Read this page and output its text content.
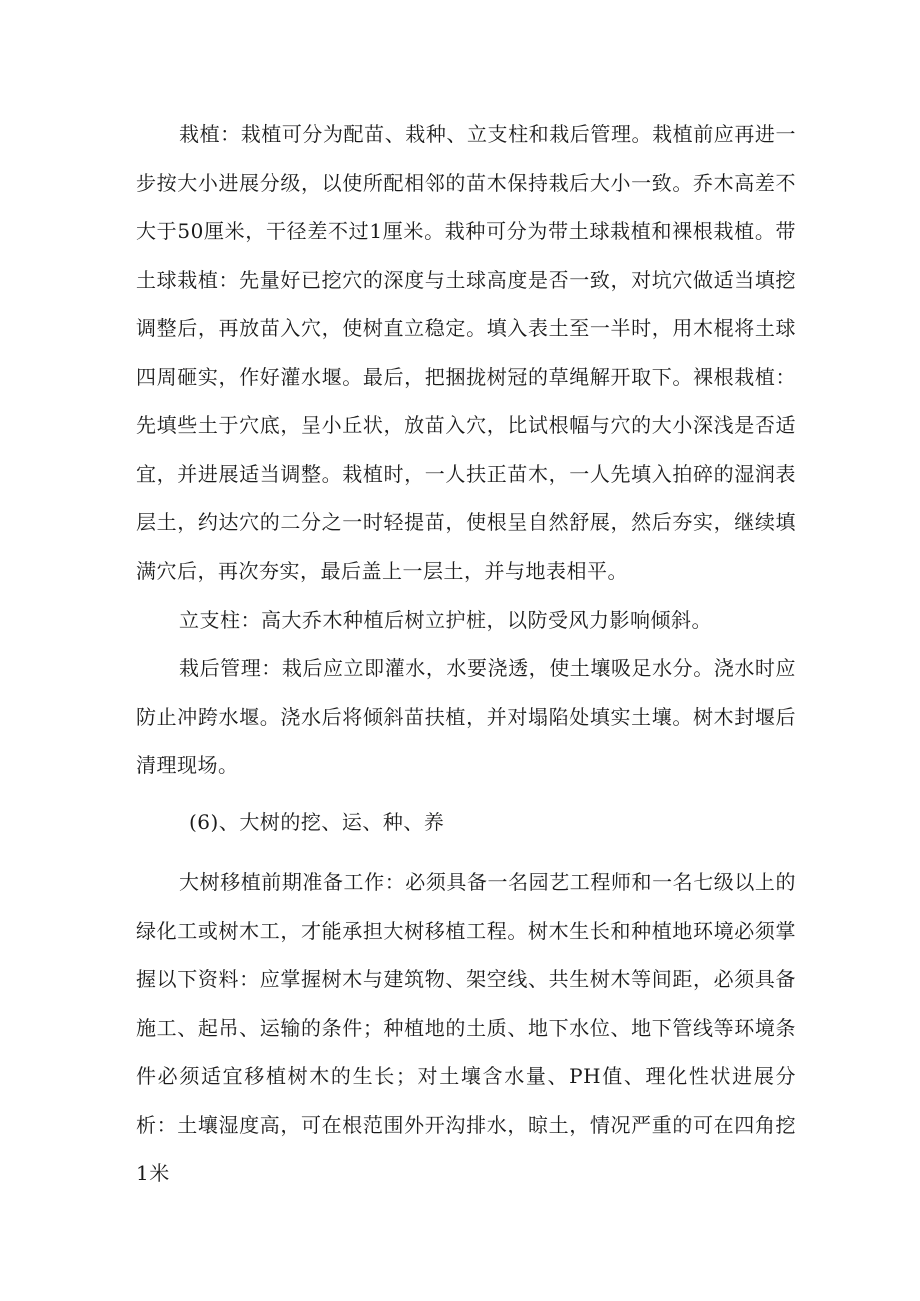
栽植：栽植可分为配苗、栽种、立支柱和栽后管理。栽植前应再进一步按大小进展分级，以使所配相邻的苗木保持栽后大小一致。乔木高差不大于50厘米，干径差不过1厘米。栽种可分为带土球栽植和裸根栽植。带土球栽植：先量好已挖穴的深度与土球高度是否一致，对坑穴做适当填挖调整后，再放苗入穴，使树直立稳定。填入表土至一半时，用木棍将土球四周砸实，作好灌水堰。最后，把捆拢树冠的草绳解开取下。裸根栽植：先填些土于穴底，呈小丘状，放苗入穴，比试根幅与穴的大小深浅是否适宜，并进展适当调整。栽植时，一人扶正苗木，一人先填入拍碎的湿润表层土，约达穴的二分之一时轻提苗，使根呈自然舒展，然后夯实，继续填满穴后，再次夯实，最后盖上一层土，并与地表相平。

立支柱：高大乔木种植后树立护桩，以防受风力影响倾斜。

栽后管理：栽后应立即灌水，水要浇透，使土壤吸足水分。浇水时应防止冲跨水堰。浇水后将倾斜苗扶植，并对塌陷处填实土壤。树木封堰后清理现场。

(6)、大树的挖、运、种、养

大树移植前期准备工作：必须具备一名园艺工程师和一名七级以上的绿化工或树木工，才能承担大树移植工程。树木生长和种植地环境必须掌握以下资料：应掌握树木与建筑物、架空线、共生树木等间距，必须具备施工、起吊、运输的条件；种植地的土质、地下水位、地下管线等环境条件必须适宜移植树木的生长；对土壤含水量、PH值、理化性状进展分析：土壤湿度高，可在根范围外开沟排水，晾土，情况严重的可在四角挖1米
